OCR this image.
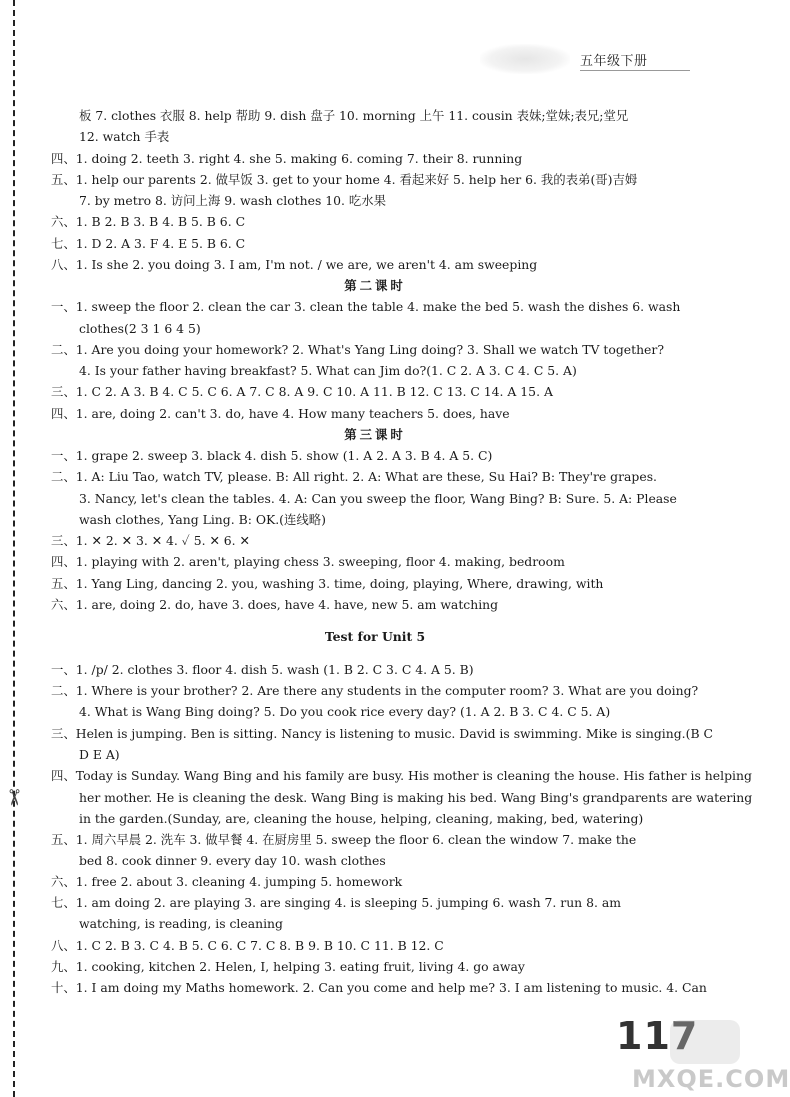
✂
五年级下册
板 7. clothes 衣服 8. help 帮助 9. dish 盘子 10. morning 上午 11. cousin 表妹;堂妹;表兄;堂兄
12. watch 手表
四、1. doing 2. teeth 3. right 4. she 5. making 6. coming 7. their 8. running
五、1. help our parents 2. 做早饭 3. get to your home 4. 看起来好 5. help her 6. 我的表弟(哥)吉姆
7. by metro 8. 访问上海 9. wash clothes 10. 吃水果
六、1. B 2. B 3. B 4. B 5. B 6. C
七、1. D 2. A 3. F 4. E 5. B 6. C
八、1. Is she 2. you doing 3. I am, I'm not. / we are, we aren't 4. am sweeping
第二课时
一、1. sweep the floor 2. clean the car 3. clean the table 4. make the bed 5. wash the dishes 6. wash
clothes(2 3 1 6 4 5)
二、1. Are you doing your homework? 2. What's Yang Ling doing? 3. Shall we watch TV together?
4. Is your father having breakfast? 5. What can Jim do?(1. C 2. A 3. C 4. C 5. A)
三、1. C 2. A 3. B 4. C 5. C 6. A 7. C 8. A 9. C 10. A 11. B 12. C 13. C 14. A 15. A
四、1. are, doing 2. can't 3. do, have 4. How many teachers 5. does, have
第三课时
一、1. grape 2. sweep 3. black 4. dish 5. show (1. A 2. A 3. B 4. A 5. C)
二、1. A: Liu Tao, watch TV, please. B: All right. 2. A: What are these, Su Hai? B: They're grapes.
3. Nancy, let's clean the tables. 4. A: Can you sweep the floor, Wang Bing? B: Sure. 5. A: Please
wash clothes, Yang Ling. B: OK.(连线略)
三、1. ✕ 2. ✕ 3. ✕ 4. ✓ 5. ✕ 6. ✕
四、1. playing with 2. aren't, playing chess 3. sweeping, floor 4. making, bedroom
五、1. Yang Ling, dancing 2. you, washing 3. time, doing, playing, Where, drawing, with
六、1. are, doing 2. do, have 3. does, have 4. have, new 5. am watching
Test for Unit 5
一、1. /p/ 2. clothes 3. floor 4. dish 5. wash (1. B 2. C 3. C 4. A 5. B)
二、1. Where is your brother? 2. Are there any students in the computer room? 3. What are you doing?
4. What is Wang Bing doing? 5. Do you cook rice every day? (1. A 2. B 3. C 4. C 5. A)
三、Helen is jumping. Ben is sitting. Nancy is listening to music. David is swimming. Mike is singing.(B C
D E A)
四、Today is Sunday. Wang Bing and his family are busy. His mother is cleaning the house. His father is helping
her mother. He is cleaning the desk. Wang Bing is making his bed. Wang Bing's grandparents are watering
in the garden.(Sunday, are, cleaning the house, helping, cleaning, making, bed, watering)
五、1. 周六早晨 2. 洗车 3. 做早餐 4. 在厨房里 5. sweep the floor 6. clean the window 7. make the
bed 8. cook dinner 9. every day 10. wash clothes
六、1. free 2. about 3. cleaning 4. jumping 5. homework
七、1. am doing 2. are playing 3. are singing 4. is sleeping 5. jumping 6. wash 7. run 8. am
watching, is reading, is cleaning
八、1. C 2. B 3. C 4. B 5. C 6. C 7. C 8. B 9. B 10. C 11. B 12. C
九、1. cooking, kitchen 2. Helen, I, helping 3. eating fruit, living 4. go away
十、1. I am doing my Maths homework. 2. Can you come and help me? 3. I am listening to music. 4. Can
117
MXQE.COM
